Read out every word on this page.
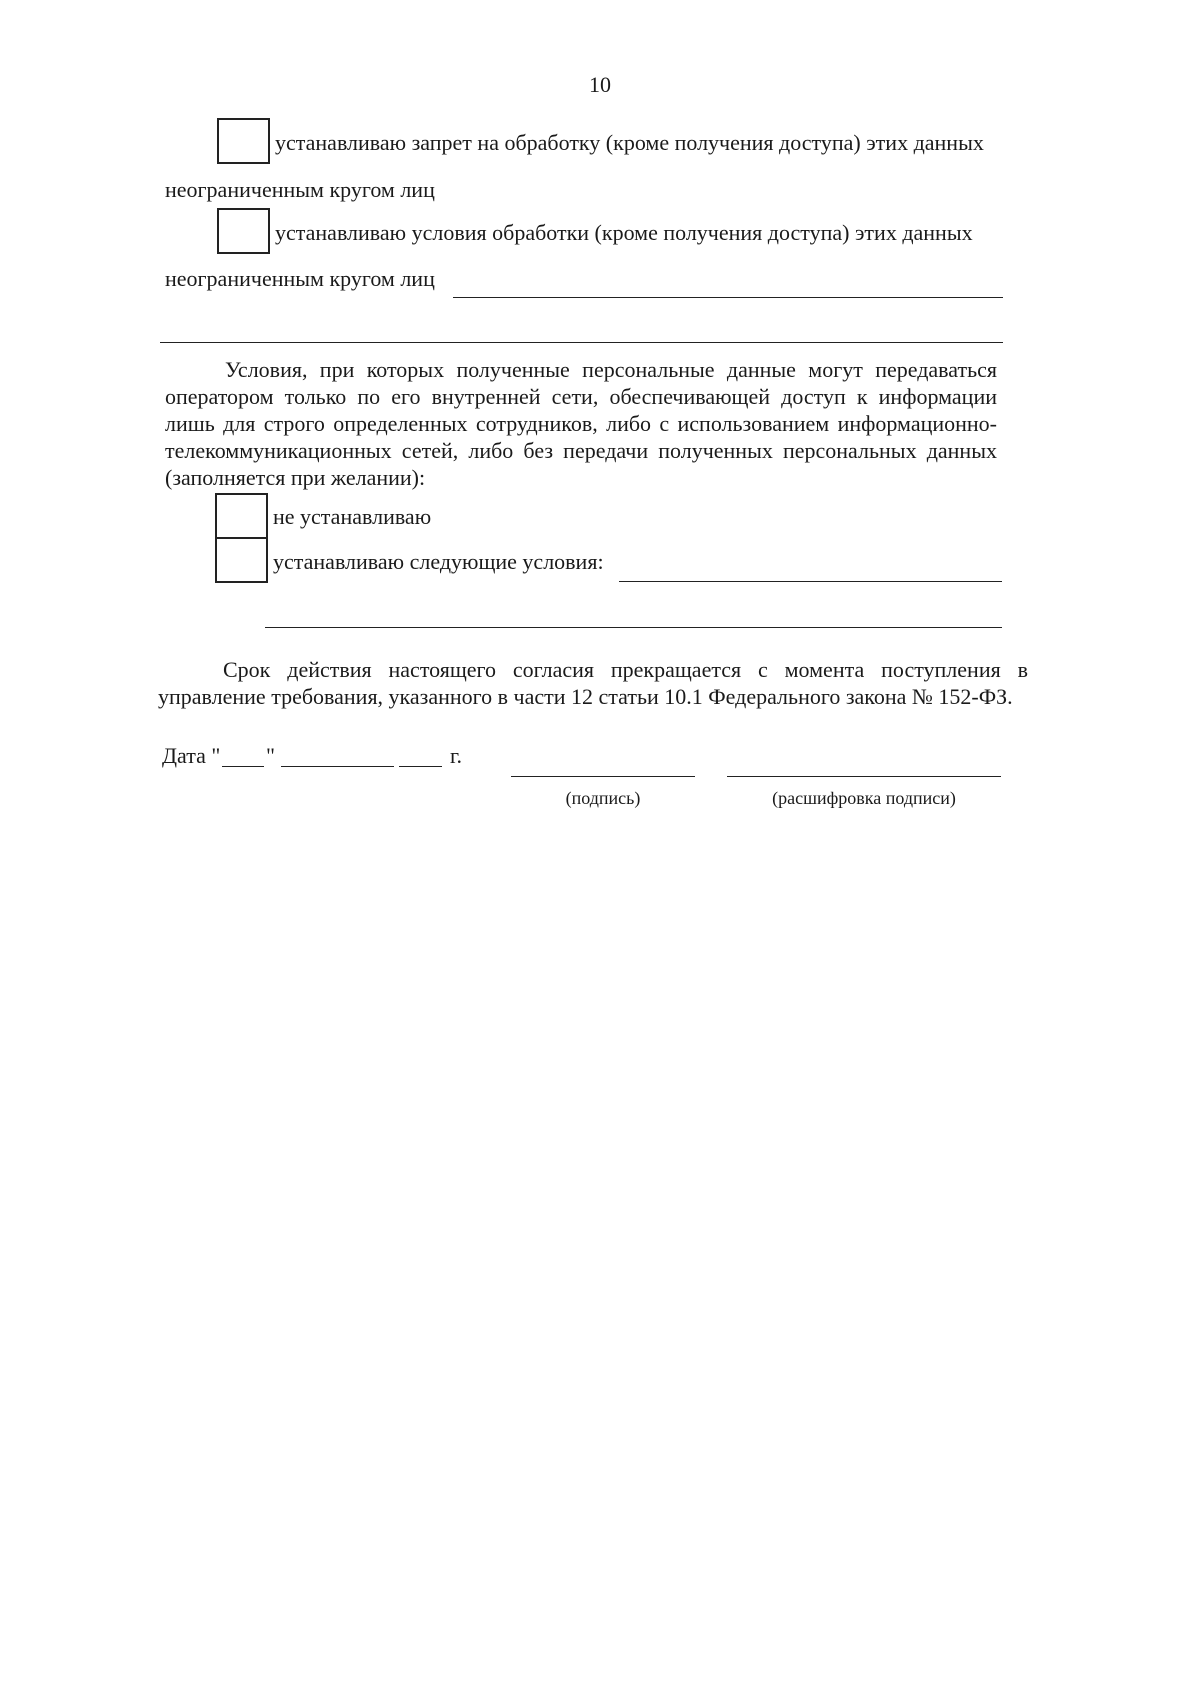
10
устанавливаю запрет на обработку (кроме получения доступа) этих данных
неограниченным кругом лиц
устанавливаю условия обработки (кроме получения доступа) этих данных
неограниченным кругом лиц
Условия, при которых полученные персональные данные могут передаваться оператором только по его внутренней сети, обеспечивающей доступ к информации лишь для строго определенных сотрудников, либо с использованием информационно-телекоммуникационных сетей, либо без передачи полученных персональных данных (заполняется при желании):
не устанавливаю
устанавливаю следующие условия:
Срок действия настоящего согласия прекращается с момента поступления в управление требования, указанного в части 12 статьи 10.1 Федерального закона № 152-ФЗ.
Дата " "	г.
(подпись)	(расшифровка подписи)
